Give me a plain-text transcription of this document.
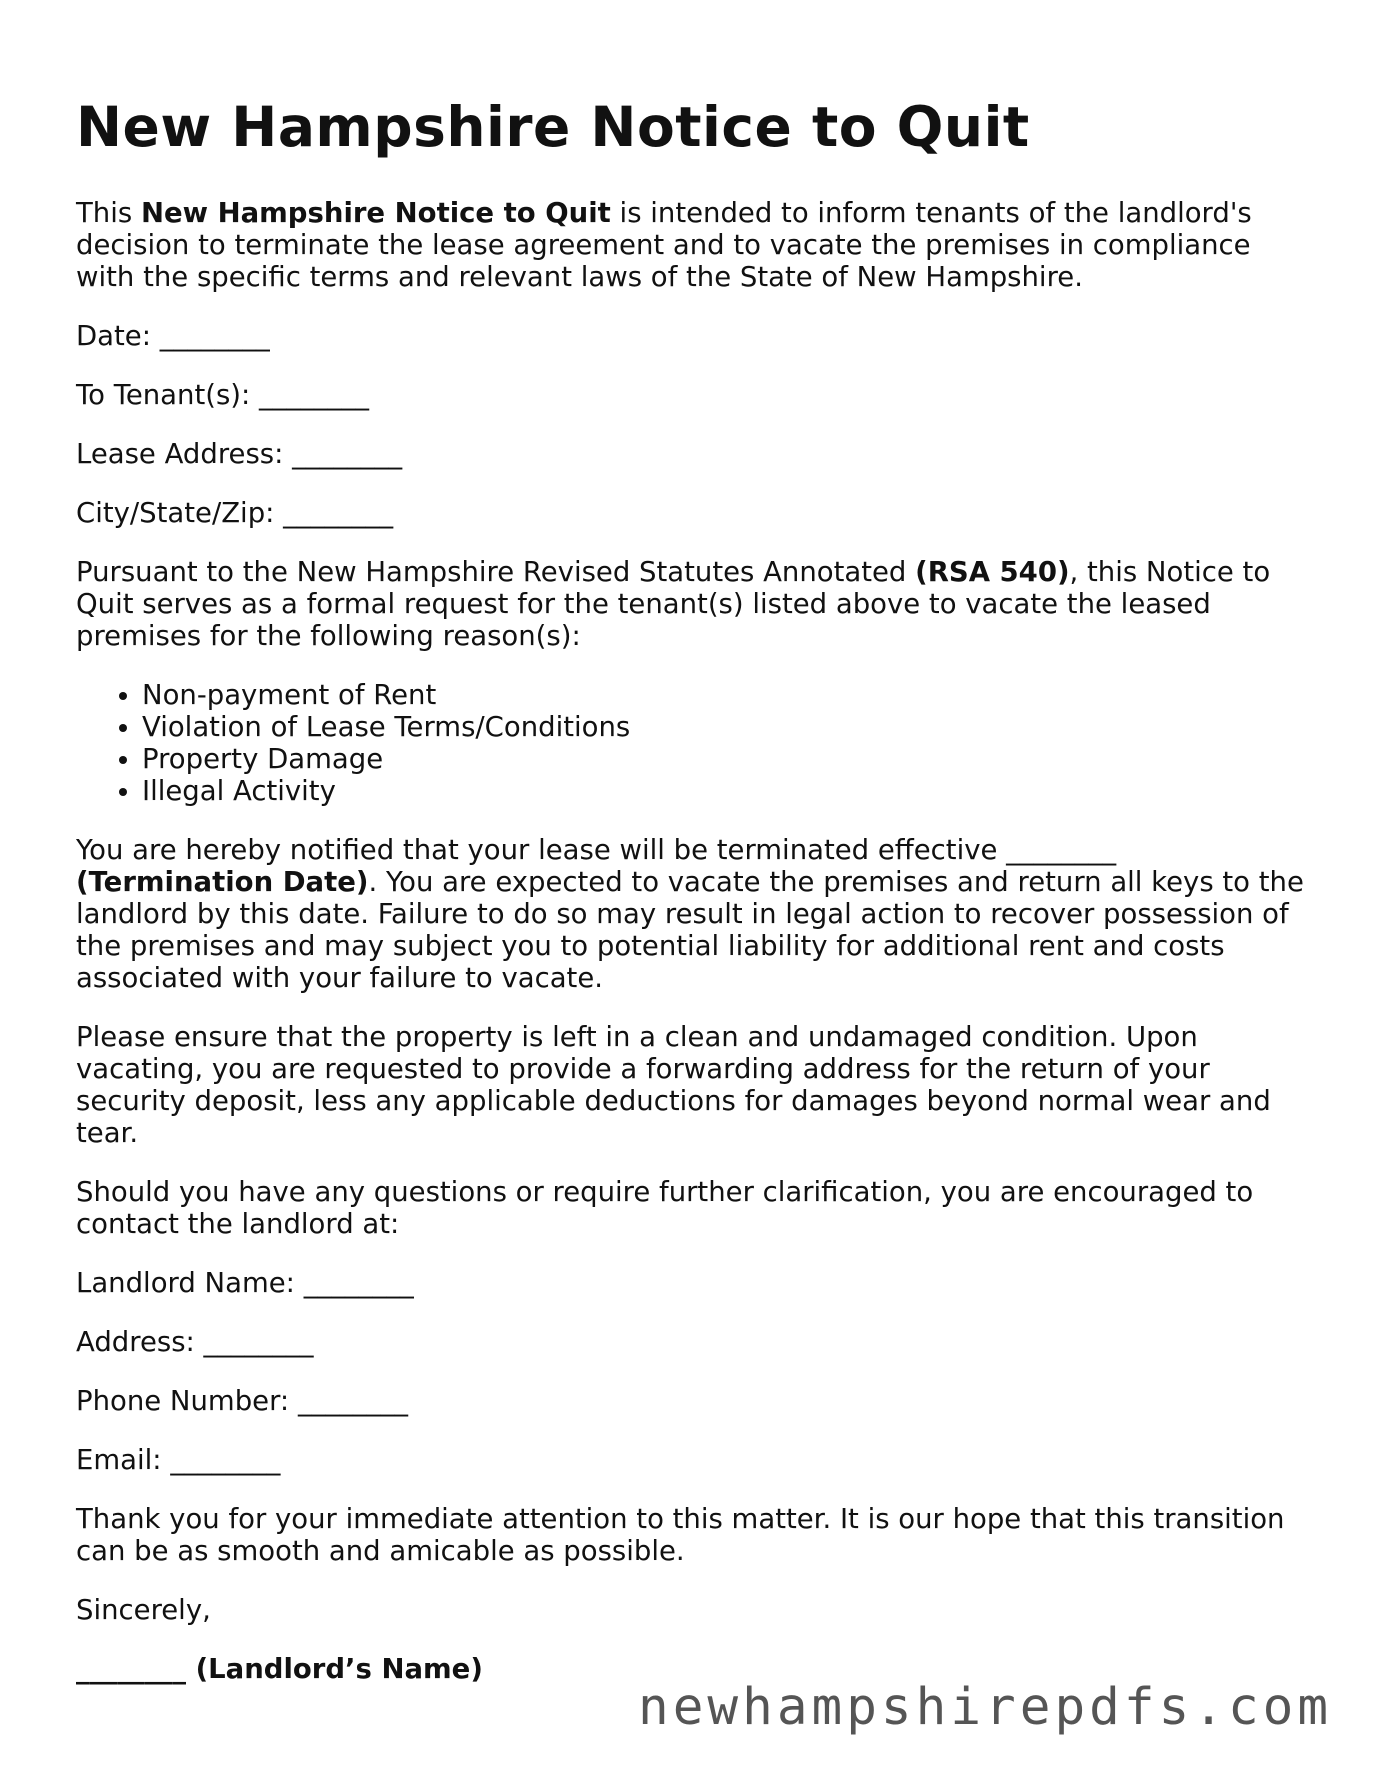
New Hampshire Notice to Quit

This New Hampshire Notice to Quit is intended to inform tenants of the landlord's decision to terminate the lease agreement and to vacate the premises in compliance with the specific terms and relevant laws of the State of New Hampshire.

Date: ________
To Tenant(s): ________
Lease Address: ________
City/State/Zip: ________

Pursuant to the New Hampshire Revised Statutes Annotated (RSA 540), this Notice to Quit serves as a formal request for the tenant(s) listed above to vacate the leased premises for the following reason(s):

• Non-payment of Rent
• Violation of Lease Terms/Conditions
• Property Damage
• Illegal Activity

You are hereby notified that your lease will be terminated effective ________ (Termination Date). You are expected to vacate the premises and return all keys to the landlord by this date. Failure to do so may result in legal action to recover possession of the premises and may subject you to potential liability for additional rent and costs associated with your failure to vacate.

Please ensure that the property is left in a clean and undamaged condition. Upon vacating, you are requested to provide a forwarding address for the return of your security deposit, less any applicable deductions for damages beyond normal wear and tear.

Should you have any questions or require further clarification, you are encouraged to contact the landlord at:

Landlord Name: ________
Address: ________
Phone Number: ________
Email: ________

Thank you for your immediate attention to this matter. It is our hope that this transition can be as smooth and amicable as possible.

Sincerely,

________ (Landlord’s Name)

newhampshirepdfs.com
